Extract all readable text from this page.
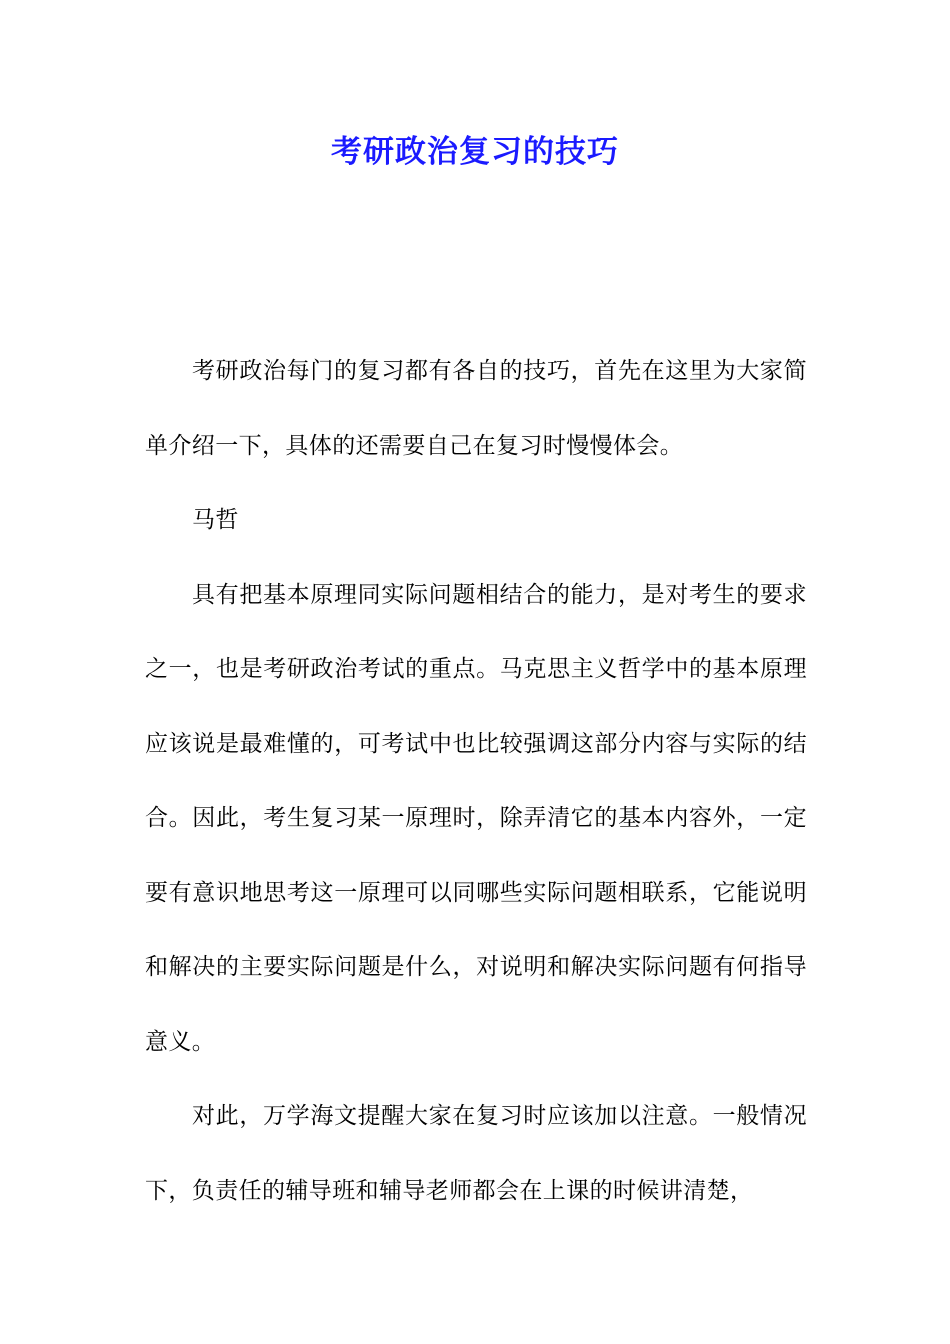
考研政治复习的技巧

考研政治每门的复习都有各自的技巧，首先在这里为大家简单介绍一下，具体的还需要自己在复习时慢慢体会。

马哲

具有把基本原理同实际问题相结合的能力，是对考生的要求之一，也是考研政治考试的重点。马克思主义哲学中的基本原理应该说是最难懂的，可考试中也比较强调这部分内容与实际的结合。因此，考生复习某一原理时，除弄清它的基本内容外，一定要有意识地思考这一原理可以同哪些实际问题相联系，它能说明和解决的主要实际问题是什么，对说明和解决实际问题有何指导意义。

对此，万学海文提醒大家在复习时应该加以注意。一般情况下，负责任的辅导班和辅导老师都会在上课的时候讲清楚，
